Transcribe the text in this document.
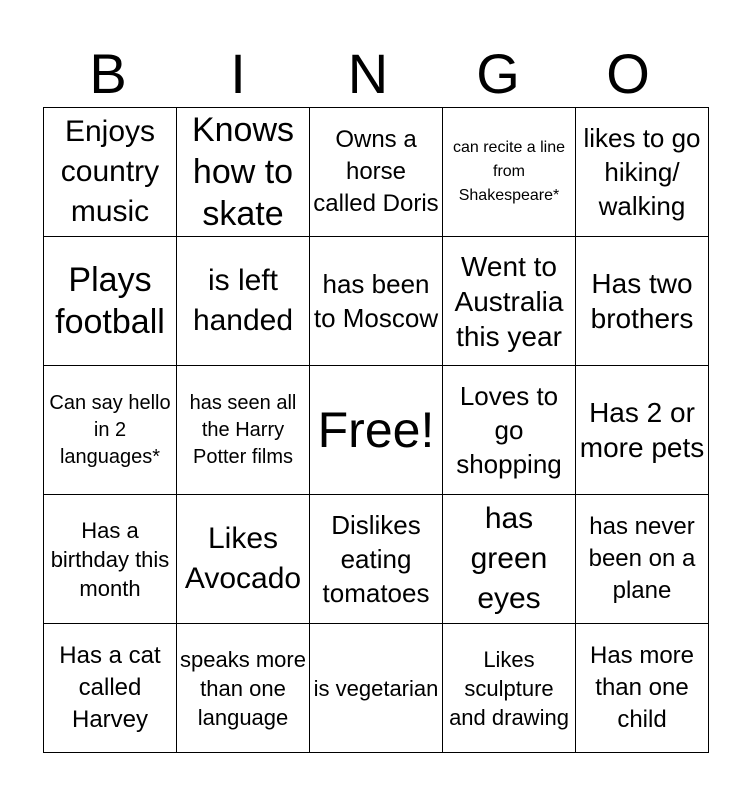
B	I	N	G	O
Enjoys country music	Knows how to skate	Owns a horse called Doris	can recite a line from Shakespeare*	likes to go hiking/ walking

Plays football	is left handed	has been to Moscow	Went to Australia this year	Has two brothers

Can say hello in 2 languages*	has seen all the Harry Potter films	Free!	Loves to go shopping	Has 2 or more pets

Has a birthday this month	Likes Avocado	Dislikes eating tomatoes	has green eyes	has never been on a plane

Has a cat called Harvey	speaks more than one language	is vegetarian	Likes sculpture and drawing	Has more than one child
